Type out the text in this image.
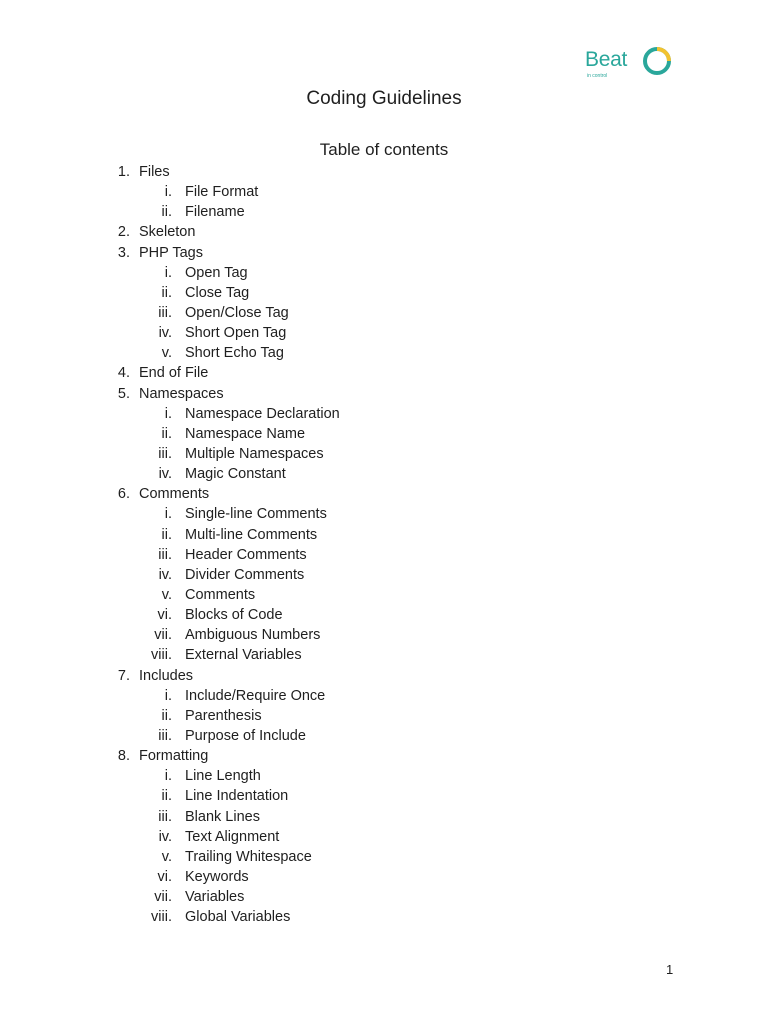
Beat
in control
Coding Guidelines
Table of contents
1. Files
i. File Format
ii. Filename
2. Skeleton
3. PHP Tags
i. Open Tag
ii. Close Tag
iii. Open/Close Tag
iv. Short Open Tag
v. Short Echo Tag
4. End of File
5. Namespaces
i. Namespace Declaration
ii. Namespace Name
iii. Multiple Namespaces
iv. Magic Constant
6. Comments
i. Single-line Comments
ii. Multi-line Comments
iii. Header Comments
iv. Divider Comments
v. Comments
vi. Blocks of Code
vii. Ambiguous Numbers
viii. External Variables
7. Includes
i. Include/Require Once
ii. Parenthesis
iii. Purpose of Include
8. Formatting
i. Line Length
ii. Line Indentation
iii. Blank Lines
iv. Text Alignment
v. Trailing Whitespace
vi. Keywords
vii. Variables
viii. Global Variables
1
